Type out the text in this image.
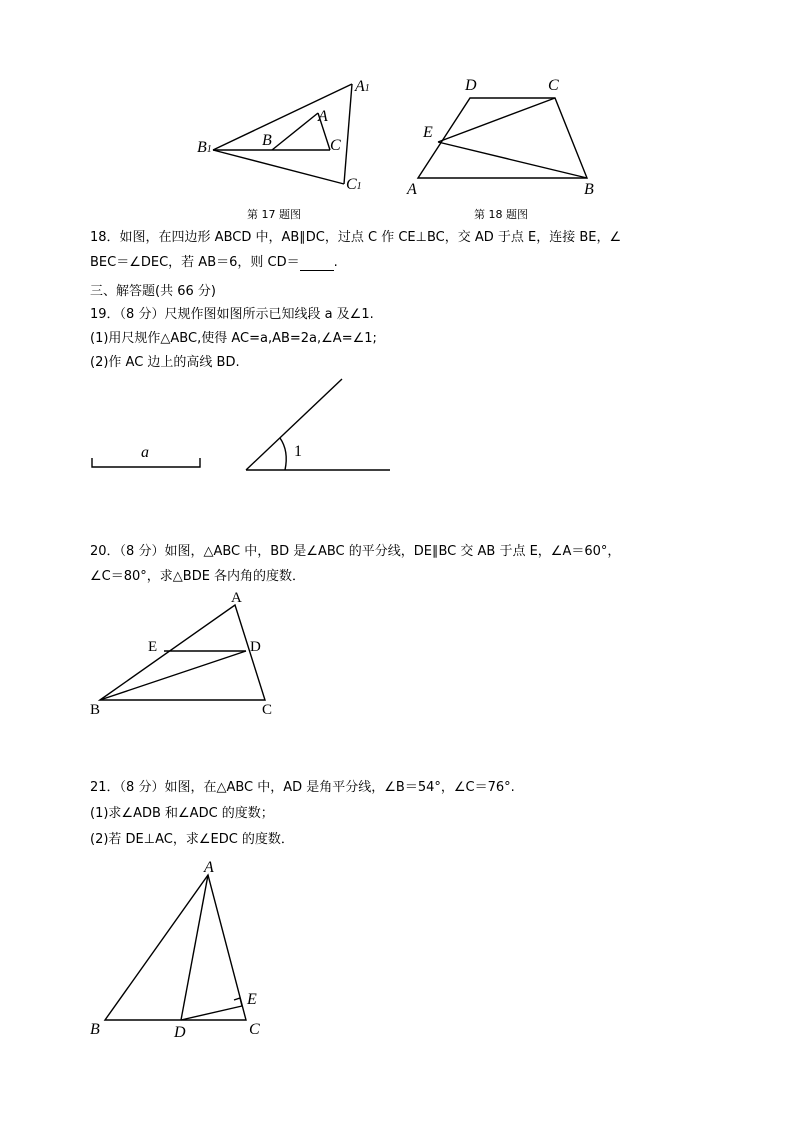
A1
A
B1
B	C
C1
第 17 题图
D	C
E
A	B
第 18 题图
18．如图，在四边形 ABCD 中，AB∥DC，过点 C 作 CE⊥BC，交 AD 于点 E，连接 BE，∠
BEC＝∠DEC，若 AB＝6，则 CD＝	.
三、解答题(共 66 分)
19．（8 分）尺规作图如图所示已知线段 a 及∠1.
(1)用尺规作△ABC,使得 AC=a,AB=2a,∠A=∠1;
(2)作 AC 边上的高线 BD.
a	1
20．（8 分）如图，△ABC 中，BD 是∠ABC 的平分线，DE∥BC 交 AB 于点 E，∠A＝60°，
∠C＝80°，求△BDE 各内角的度数．
A
E	D
B	C
21．（8 分）如图，在△ABC 中，AD 是角平分线，∠B＝54°，∠C＝76°.
(1)求∠ADB 和∠ADC 的度数；
(2)若 DE⊥AC，求∠EDC 的度数．
A
E
B	D	C
